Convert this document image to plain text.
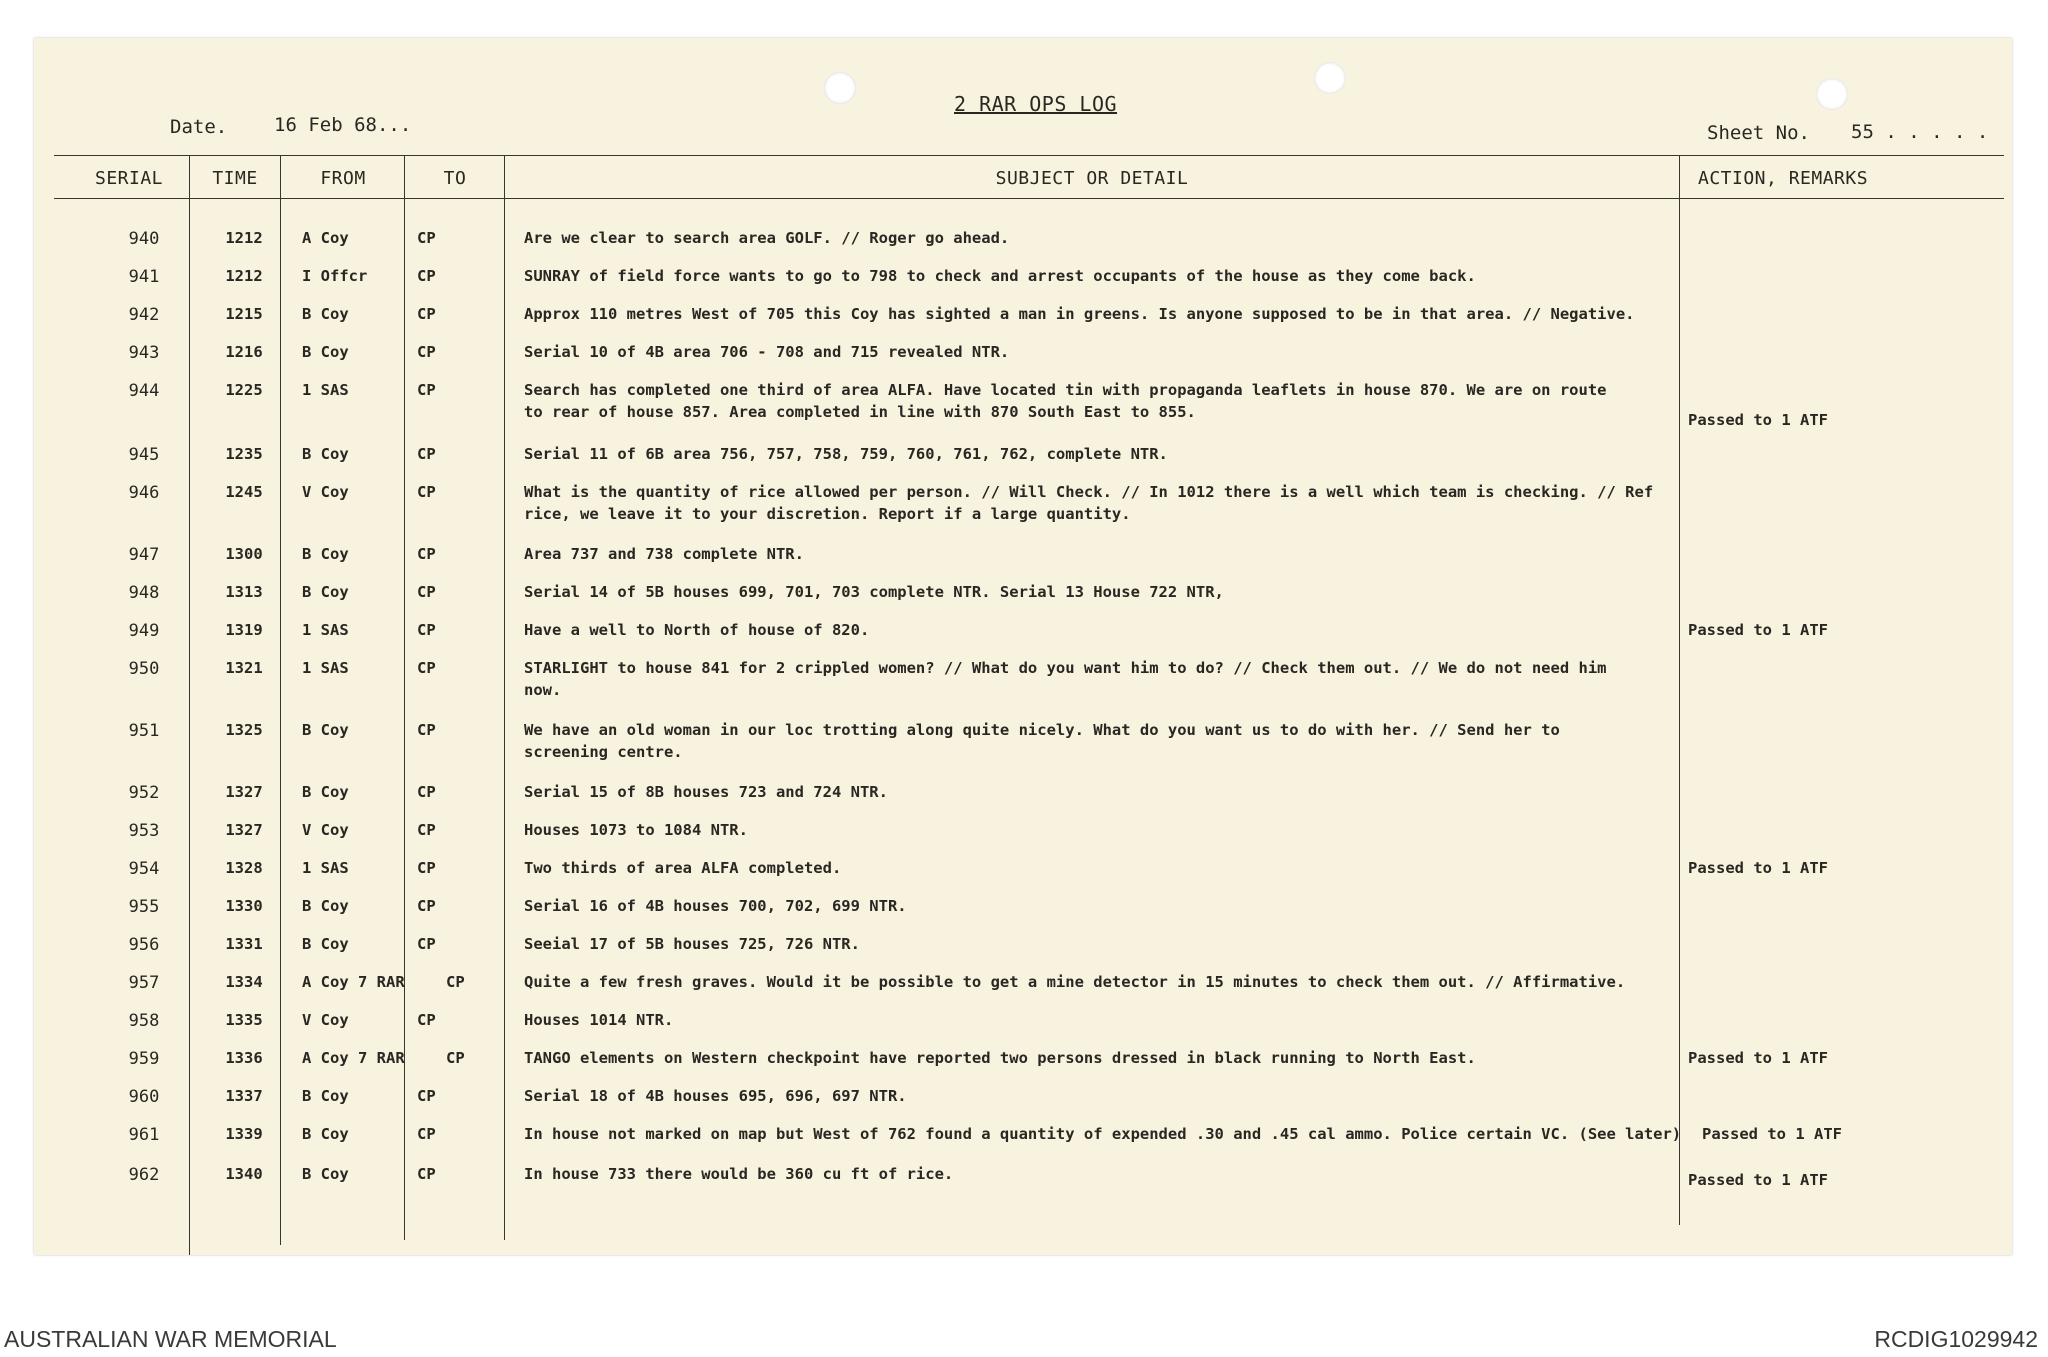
2 RAR OPS LOG
Date. 16 Feb 68...	Sheet No. 55 . . . . .
SERIAL	TIME	FROM	TO	SUBJECT OR DETAIL	ACTION, REMARKS
940	1212	A Coy	CP	Are we clear to search area GOLF. // Roger go ahead.
941	1212	I Offcr	CP	SUNRAY of field force wants to go to 798 to check and arrest occupants of the house as they come back.
942	1215	B Coy	CP	Approx 110 metres West of 705 this Coy has sighted a man in greens. Is anyone supposed to be in that area. // Negative.
943	1216	B Coy	CP	Serial 10 of 4B area 706 - 708 and 715 revealed NTR.
944	1225	1 SAS	CP	Search has completed one third of area ALFA. Have located tin with propaganda leaflets in house 870. We are on route
to rear of house 857. Area completed in line with 870 South East to 855.	Passed to 1 ATF
945	1235	B Coy	CP	Serial 11 of 6B area 756, 757, 758, 759, 760, 761, 762, complete NTR.
946	1245	V Coy	CP	What is the quantity of rice allowed per person. // Will Check. // In 1012 there is a well which team is checking. // Ref
rice, we leave it to your discretion. Report if a large quantity.
947	1300	B Coy	CP	Area 737 and 738 complete NTR.
948	1313	B Coy	CP	Serial 14 of 5B houses 699, 701, 703 complete NTR. Serial 13 House 722 NTR,
949	1319	1 SAS	CP	Have a well to North of house of 820.	Passed to 1 ATF
950	1321	1 SAS	CP	STARLIGHT to house 841 for 2 crippled women? // What do you want him to do? // Check them out. // We do not need him
now.
951	1325	B Coy	CP	We have an old woman in our loc trotting along quite nicely. What do you want us to do with her. // Send her to
screening centre.
952	1327	B Coy	CP	Serial 15 of 8B houses 723 and 724 NTR.
953	1327	V Coy	CP	Houses 1073 to 1084 NTR.
954	1328	1 SAS	CP	Two thirds of area ALFA completed.	Passed to 1 ATF
955	1330	B Coy	CP	Serial 16 of 4B houses 700, 702, 699 NTR.
956	1331	B Coy	CP	Seeial 17 of 5B houses 725, 726 NTR.
957	1334	A Coy 7 RAR	CP	Quite a few fresh graves. Would it be possible to get a mine detector in 15 minutes to check them out. // Affirmative.
958	1335	V Coy	CP	Houses 1014 NTR.
959	1336	A Coy 7 RAR	CP	TANGO elements on Western checkpoint have reported two persons dressed in black running to North East.	Passed to 1 ATF
960	1337	B Coy	CP	Serial 18 of 4B houses 695, 696, 697 NTR.
961	1339	B Coy	CP	In house not marked on map but West of 762 found a quantity of expended .30 and .45 cal ammo. Police certain VC. (See later) Passed to 1 ATF
962	1340	B Coy	CP	In house 733 there would be 360 cu ft of rice.	Passed to 1 ATF
AUSTRALIAN WAR MEMORIAL	RCDIG1029942
